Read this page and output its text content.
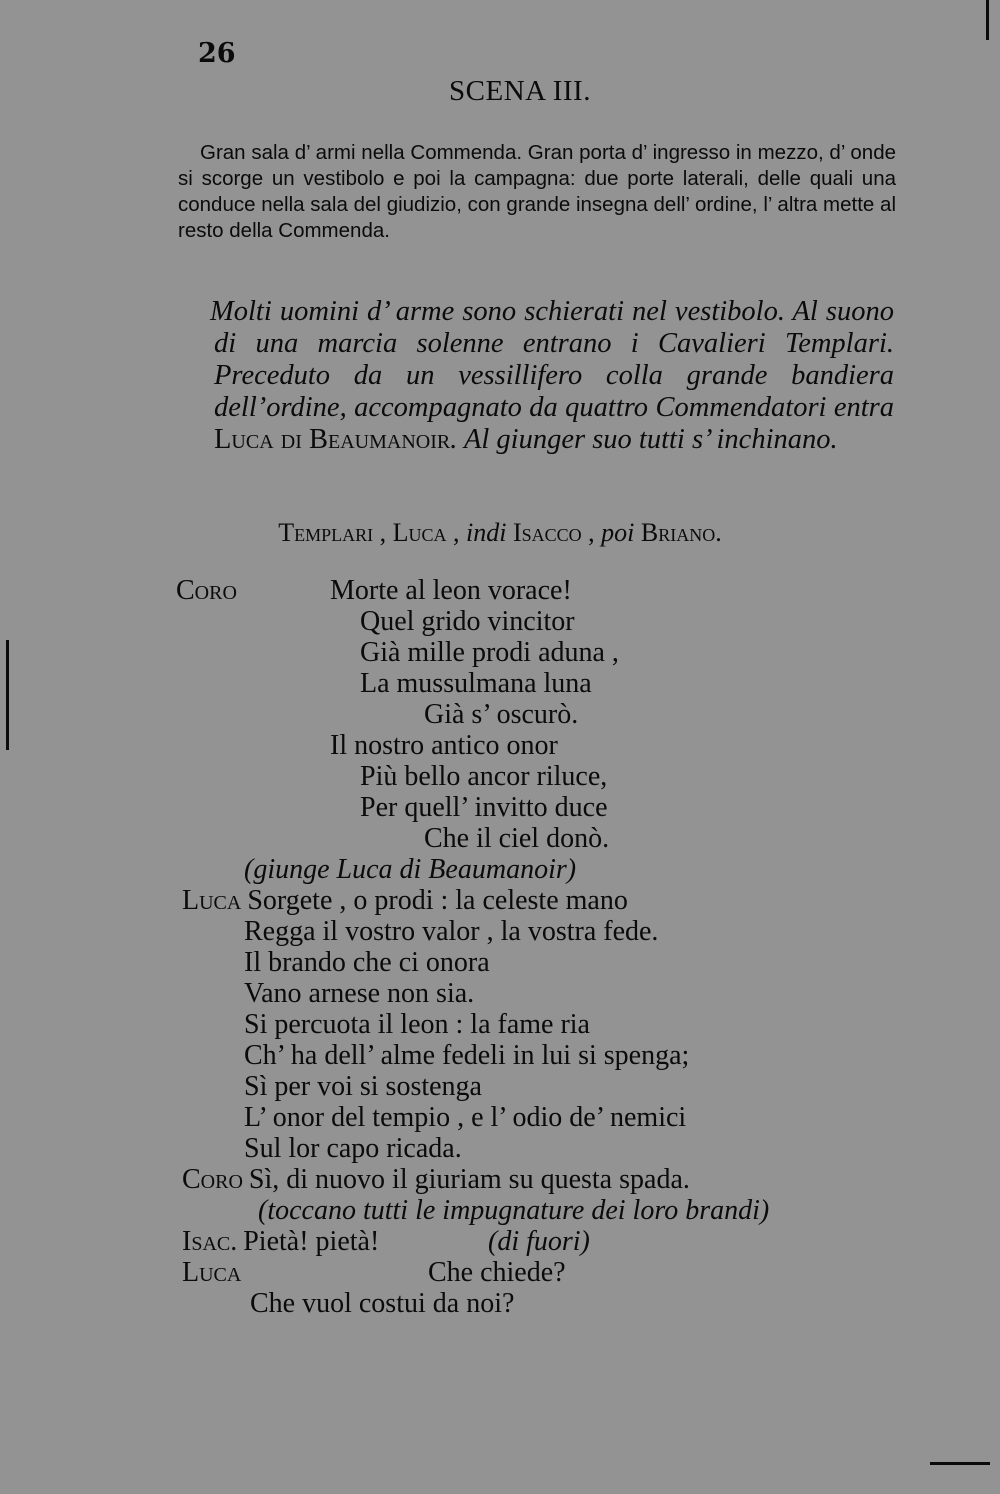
26
SCENA III.
Gran sala d’ armi nella Commenda. Gran porta d’ ingresso in mezzo, d’ onde si scorge un vestibolo e poi la campagna: due porte laterali, delle quali una conduce nella sala del giudizio, con grande insegna dell’ ordine, l’ altra mette al resto della Commenda.
Molti uomini d’ arme sono schierati nel vestibolo. Al suono di una marcia solenne entrano i Cavalieri Templari. Preceduto da un vessillifero colla grande bandiera dell’ordine, accompagnato da quattro Commendatori entra Luca di Beaumanoir. Al giunger suo tutti s’ inchinano.
Templari , Luca , indi Isacco , poi Briano.
Coro	Morte al leon vorace!
Quel grido vincitor
Già mille prodi aduna ,
La mussulmana luna
Già s’ oscurò.
Il nostro antico onor
Più bello ancor riluce,
Per quell’ invitto duce
Che il ciel donò.
(giunge Luca di Beaumanoir)
Luca Sorgete , o prodi : la celeste mano
Regga il vostro valor , la vostra fede.
Il brando che ci onora
Vano arnese non sia.
Si percuota il leon : la fame ria
Ch’ ha dell’ alme fedeli in lui si spenga;
Sì per voi si sostenga
L’ onor del tempio , e l’ odio de’ nemici
Sul lor capo ricada.
Coro Sì, di nuovo il giuriam su questa spada.
(toccano tutti le impugnature dei loro brandi)
Isac. Pietà! pietà!	(di fuori)
Luca	Che chiede?
Che vuol costui da noi?
